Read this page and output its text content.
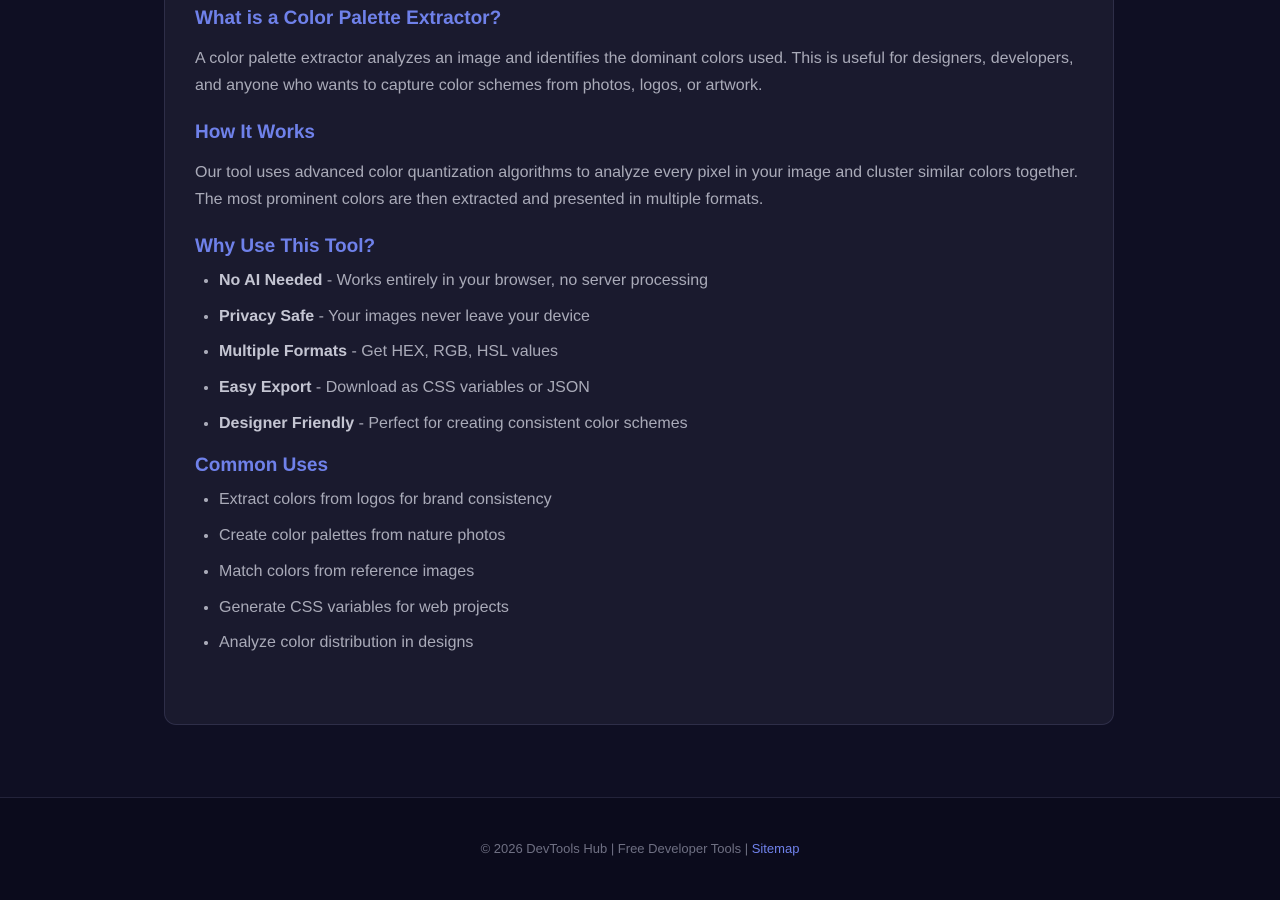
What is a Color Palette Extractor?

A color palette extractor analyzes an image and identifies the dominant colors used. This is useful for designers, developers, and anyone who wants to capture color schemes from photos, logos, or artwork.

How It Works

Our tool uses advanced color quantization algorithms to analyze every pixel in your image and cluster similar colors together. The most prominent colors are then extracted and presented in multiple formats.

Why Use This Tool?
• No AI Needed - Works entirely in your browser, no server processing
• Privacy Safe - Your images never leave your device
• Multiple Formats - Get HEX, RGB, HSL values
• Easy Export - Download as CSS variables or JSON
• Designer Friendly - Perfect for creating consistent color schemes
Common Uses
• Extract colors from logos for brand consistency
• Create color palettes from nature photos
• Match colors from reference images
• Generate CSS variables for web projects
• Analyze color distribution in designs
© 2026 DevTools Hub | Free Developer Tools | Sitemap
